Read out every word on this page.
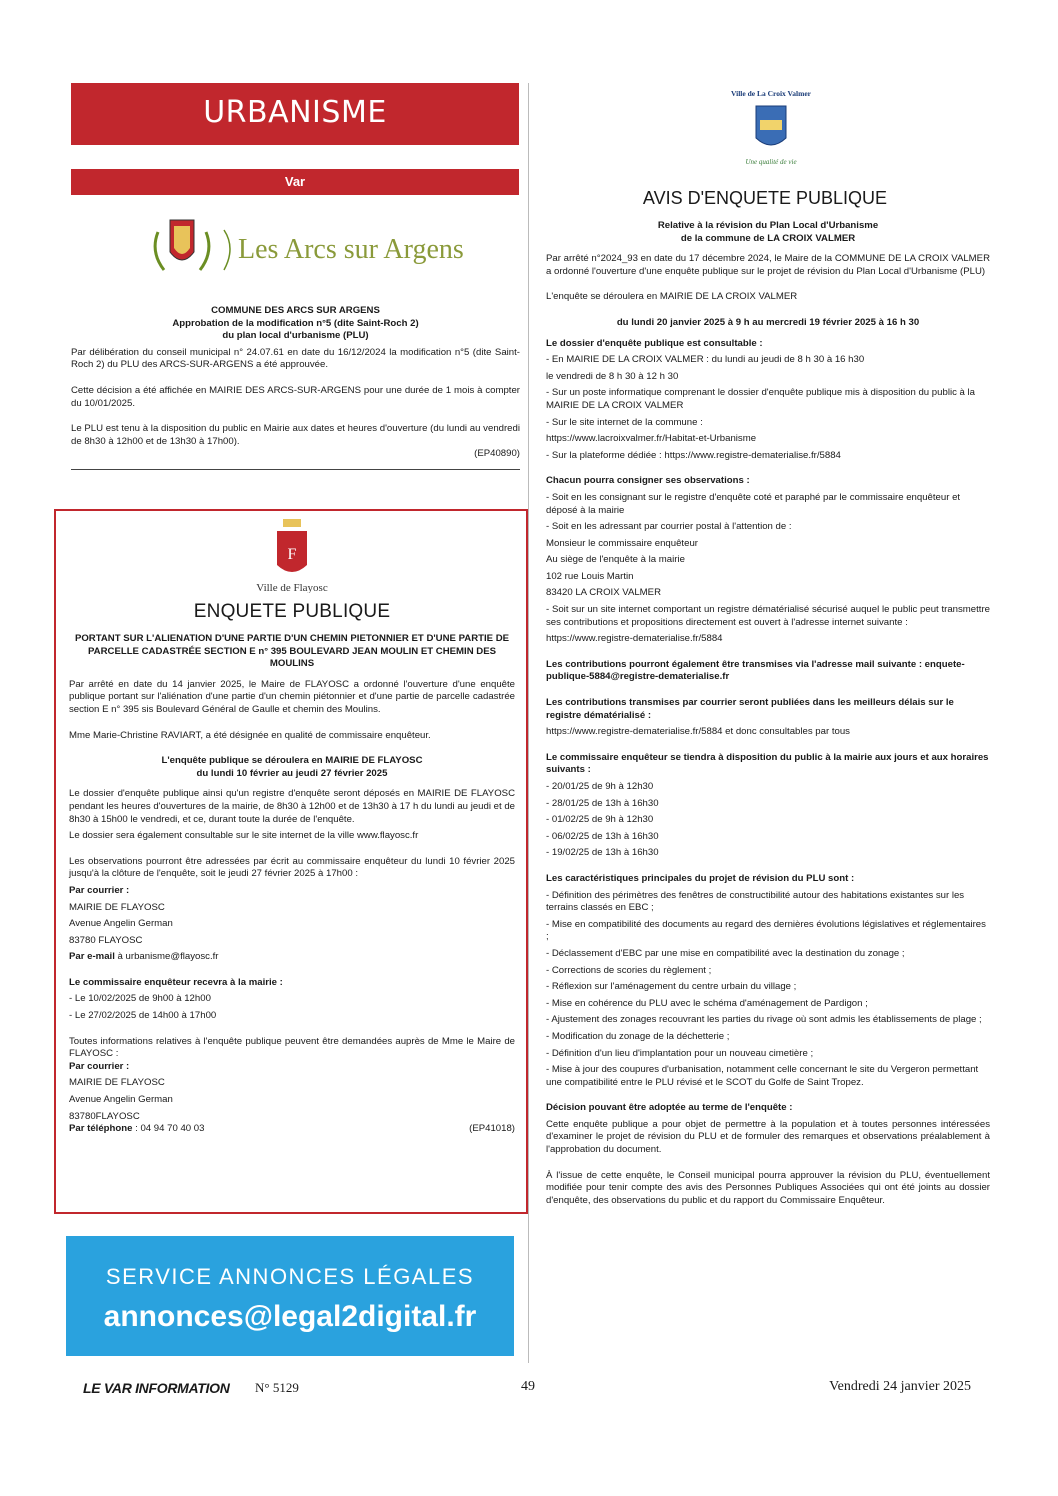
URBANISME
Var
Les Arcs sur Argens

COMMUNE DES ARCS SUR ARGENS

Approbation de la modification n°5 (dite Saint-Roch 2)

du plan local d'urbanisme (PLU)

Par délibération du conseil municipal n° 24.07.61 en date du 16/12/2024 la modification n°5 (dite Saint-Roch 2) du PLU des ARCS-SUR-ARGENS a été approuvée.

Cette décision a été affichée en MAIRIE DES ARCS-SUR-ARGENS pour une durée de 1 mois à compter du 10/01/2025.

Le PLU est tenu à la disposition du public en Mairie aux dates et heures d'ouverture (du lundi au vendredi de 8h30 à 12h00 et de 13h30 à 17h00).

(EP40890)

F
Ville de Flayosc
ENQUETE PUBLIQUE

PORTANT SUR L'ALIENATION D'UNE PARTIE D'UN CHEMIN PIETONNIER ET D'UNE PARTIE DE PARCELLE CADASTRÉE SECTION E n° 395 BOULEVARD JEAN MOULIN ET CHEMIN DES MOULINS

Par arrêté en date du 14 janvier 2025, le Maire de FLAYOSC a ordonné l'ouverture d'une enquête publique portant sur l'aliénation d'une partie d'un chemin piétonnier et d'une partie de parcelle cadastrée section E n° 395 sis Boulevard Général de Gaulle et chemin des Moulins.

Mme Marie-Christine RAVIART, a été désignée en qualité de commissaire enquêteur.

L'enquête publique se déroulera en MAIRIE DE FLAYOSC

du lundi 10 février au jeudi 27 février 2025

Le dossier d'enquête publique ainsi qu'un registre d'enquête seront déposés en MAIRIE DE FLAYOSC pendant les heures d'ouvertures de la mairie, de 8h30 à 12h00 et de 13h30 à 17 h du lundi au jeudi et de 8h30 à 15h00 le vendredi, et ce, durant toute la durée de l'enquête.

Le dossier sera également consultable sur le site internet de la ville www.flayosc.fr

Les observations pourront être adressées par écrit au commissaire enquêteur du lundi 10 février 2025 jusqu'à la clôture de l'enquête, soit le jeudi 27 février 2025 à 17h00 :

Par courrier :

MAIRIE DE FLAYOSC

Avenue Angelin German

83780 FLAYOSC

Par e-mail à urbanisme@flayosc.fr

Le commissaire enquêteur recevra à la mairie :

- Le 10/02/2025 de 9h00 à 12h00

- Le 27/02/2025 de 14h00 à 17h00

Toutes informations relatives à l'enquête publique peuvent être demandées auprès de Mme le Maire de FLAYOSC :

Par courrier :

MAIRIE DE FLAYOSC

Avenue Angelin German

83780FLAYOSC

Par téléphone : 04 94 70 40 03	(EP41018)

SERVICE ANNONCES LÉGALES
annonces@legal2digital.fr
Ville de La Croix Valmer
Une qualité de vie
AVIS D'ENQUETE PUBLIQUE

Relative à la révision du Plan Local d'Urbanisme

de la commune de LA CROIX VALMER

Par arrêté n°2024_93 en date du 17 décembre 2024, le Maire de la COMMUNE DE LA CROIX VALMER a ordonné l'ouverture d'une enquête publique sur le projet de révision du Plan Local d'Urbanisme (PLU)

L'enquête se déroulera en MAIRIE DE LA CROIX VALMER

du lundi 20 janvier 2025 à 9 h au mercredi 19 février 2025 à 16 h 30

Le dossier d'enquête publique est consultable :

- En MAIRIE DE LA CROIX VALMER : du lundi au jeudi de 8 h 30 à 16 h30

le vendredi de 8 h 30 à 12 h 30

- Sur un poste informatique comprenant le dossier d'enquête publique mis à disposition du public à la MAIRIE DE LA CROIX VALMER

- Sur le site internet de la commune :

https://www.lacroixvalmer.fr/Habitat-et-Urbanisme

- Sur la plateforme dédiée : https://www.registre-dematerialise.fr/5884

Chacun pourra consigner ses observations :

- Soit en les consignant sur le registre d'enquête coté et paraphé par le commissaire enquêteur et déposé à la mairie

- Soit en les adressant par courrier postal à l'attention de :

Monsieur le commissaire enquêteur

Au siège de l'enquête à la mairie

102 rue Louis Martin

83420 LA CROIX VALMER

- Soit sur un site internet comportant un registre dématérialisé sécurisé auquel le public peut transmettre ses contributions et propositions directement est ouvert à l'adresse internet suivante :

https://www.registre-dematerialise.fr/5884

Les contributions pourront également être transmises via l'adresse mail suivante : enquete-publique-5884@registre-dematerialise.fr

Les contributions transmises par courrier seront publiées dans les meilleurs délais sur le registre dématérialisé :

https://www.registre-dematerialise.fr/5884 et donc consultables par tous

Le commissaire enquêteur se tiendra à disposition du public à la mairie aux jours et aux horaires suivants :

- 20/01/25 de 9h à 12h30

- 28/01/25 de 13h à 16h30

- 01/02/25 de 9h à 12h30

- 06/02/25 de 13h à 16h30

- 19/02/25 de 13h à 16h30

Les caractéristiques principales du projet de révision du PLU sont :

- Définition des périmètres des fenêtres de constructibilité autour des habitations existantes sur les terrains classés en EBC ;

- Mise en compatibilité des documents au regard des dernières évolutions législatives et réglementaires ;

- Déclassement d'EBC par une mise en compatibilité avec la destination du zonage ;

- Corrections de scories du règlement ;

- Réflexion sur l'aménagement du centre urbain du village ;

- Mise en cohérence du PLU avec le schéma d'aménagement de Pardigon ;

- Ajustement des zonages recouvrant les parties du rivage où sont admis les établissements de plage ;

- Modification du zonage de la déchetterie ;

- Définition d'un lieu d'implantation pour un nouveau cimetière ;

- Mise à jour des coupures d'urbanisation, notamment celle concernant le site du Vergeron permettant une compatibilité entre le PLU révisé et le SCOT du Golfe de Saint Tropez.

Décision pouvant être adoptée au terme de l'enquête :

Cette enquête publique a pour objet de permettre à la population et à toutes personnes intéressées d'examiner le projet de révision du PLU et de formuler des remarques et observations préalablement à l'approbation du document.

À l'issue de cette enquête, le Conseil municipal pourra approuver la révision du PLU, éventuellement modifiée pour tenir compte des avis des Personnes Publiques Associées qui ont été joints au dossier d'enquête, des observations du public et du rapport du Commissaire Enquêteur.

LE VAR INFORMATION N° 5129	49	Vendredi 24 janvier 2025
